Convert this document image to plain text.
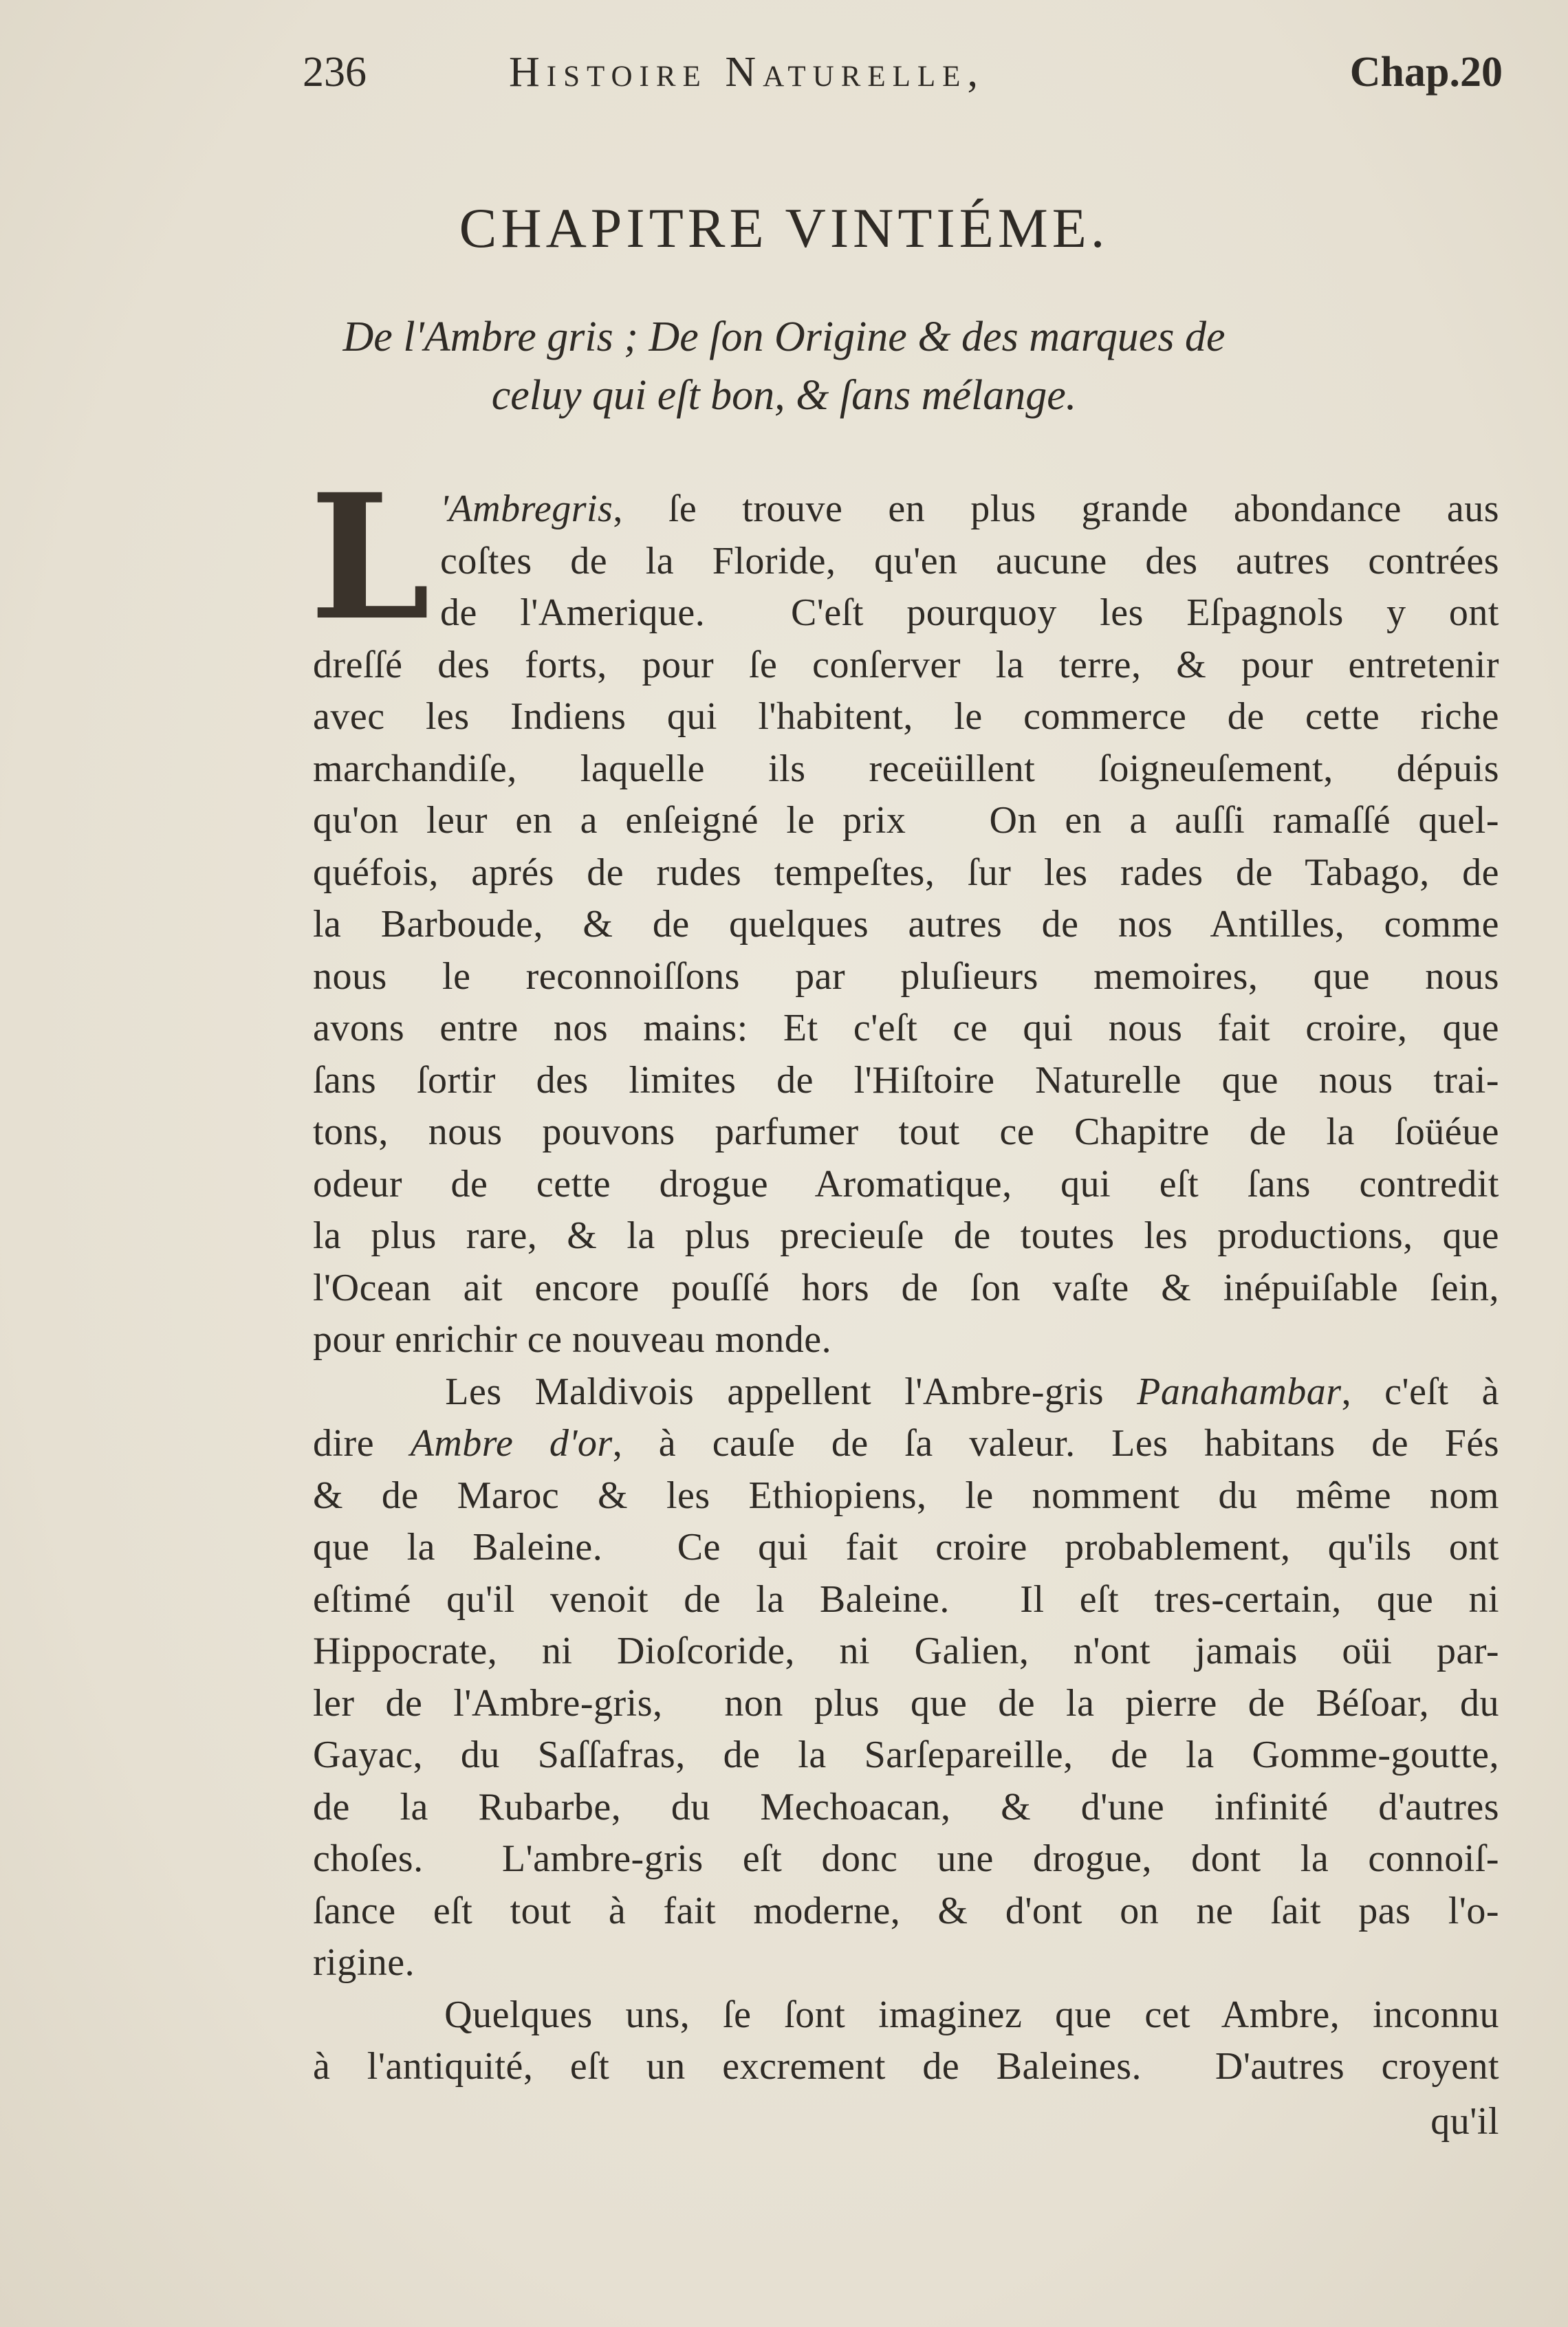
236	Histoire Naturelle,	Chap.20
CHAPITRE VINTIÉME.
De l'Ambre gris ; De ſon Origine & des marques de
celuy qui eſt bon, & ſans mélange.
L 'Ambregris, ſe trouve en plus grande abondance aus
coſtes de la Floride, qu'en aucune des autres contrées
de l'Amerique.  C'eſt pourquoy les Eſpagnols y ont
dreſſé des forts, pour ſe conſerver la terre, & pour entretenir
avec les Indiens qui l'habitent, le commerce de cette riche
marchandiſe, laquelle ils receüillent ſoigneuſement, dépuis
qu'on leur en a enſeigné le prix   On en a auſſi ramaſſé quel-
quéfois, aprés de rudes tempeſtes, ſur les rades de Tabago, de
la Barboude, & de quelques autres de nos Antilles, comme
nous le reconnoiſſons par pluſieurs memoires, que nous
avons entre nos mains: Et c'eſt ce qui nous fait croire, que
ſans ſortir des limites de l'Hiſtoire Naturelle que nous trai-
tons, nous pouvons parfumer tout ce Chapitre de la ſoüéue
odeur de cette drogue Aromatique, qui eſt ſans contredit
la plus rare, & la plus precieuſe de toutes les productions, que
l'Ocean ait encore pouſſé hors de ſon vaſte & inépuiſable ſein,
pour enrichir ce nouveau monde.
Les Maldivois appellent l'Ambre-gris Panahambar, c'eſt à
dire Ambre d'or, à cauſe de ſa valeur. Les habitans de Fés
& de Maroc & les Ethiopiens, le nomment du même nom
que la Baleine.  Ce qui fait croire probablement, qu'ils ont
eſtimé qu'il venoit de la Baleine.  Il eſt tres-certain, que ni
Hippocrate, ni Dioſcoride, ni Galien, n'ont jamais oüi par-
ler de l'Ambre-gris,  non plus que de la pierre de Béſoar, du
Gayac, du Saſſafras, de la Sarſepareille, de la Gomme-goutte,
de la Rubarbe, du Mechoacan, & d'une infinité d'autres
choſes.  L'ambre-gris eſt donc une drogue, dont la connoiſ-
ſance eſt tout à fait moderne, & d'ont on ne ſait pas l'o-
rigine.
Quelques uns, ſe ſont imaginez que cet Ambre, inconnu
à l'antiquité, eſt un excrement de Baleines.  D'autres croyent
qu'il
